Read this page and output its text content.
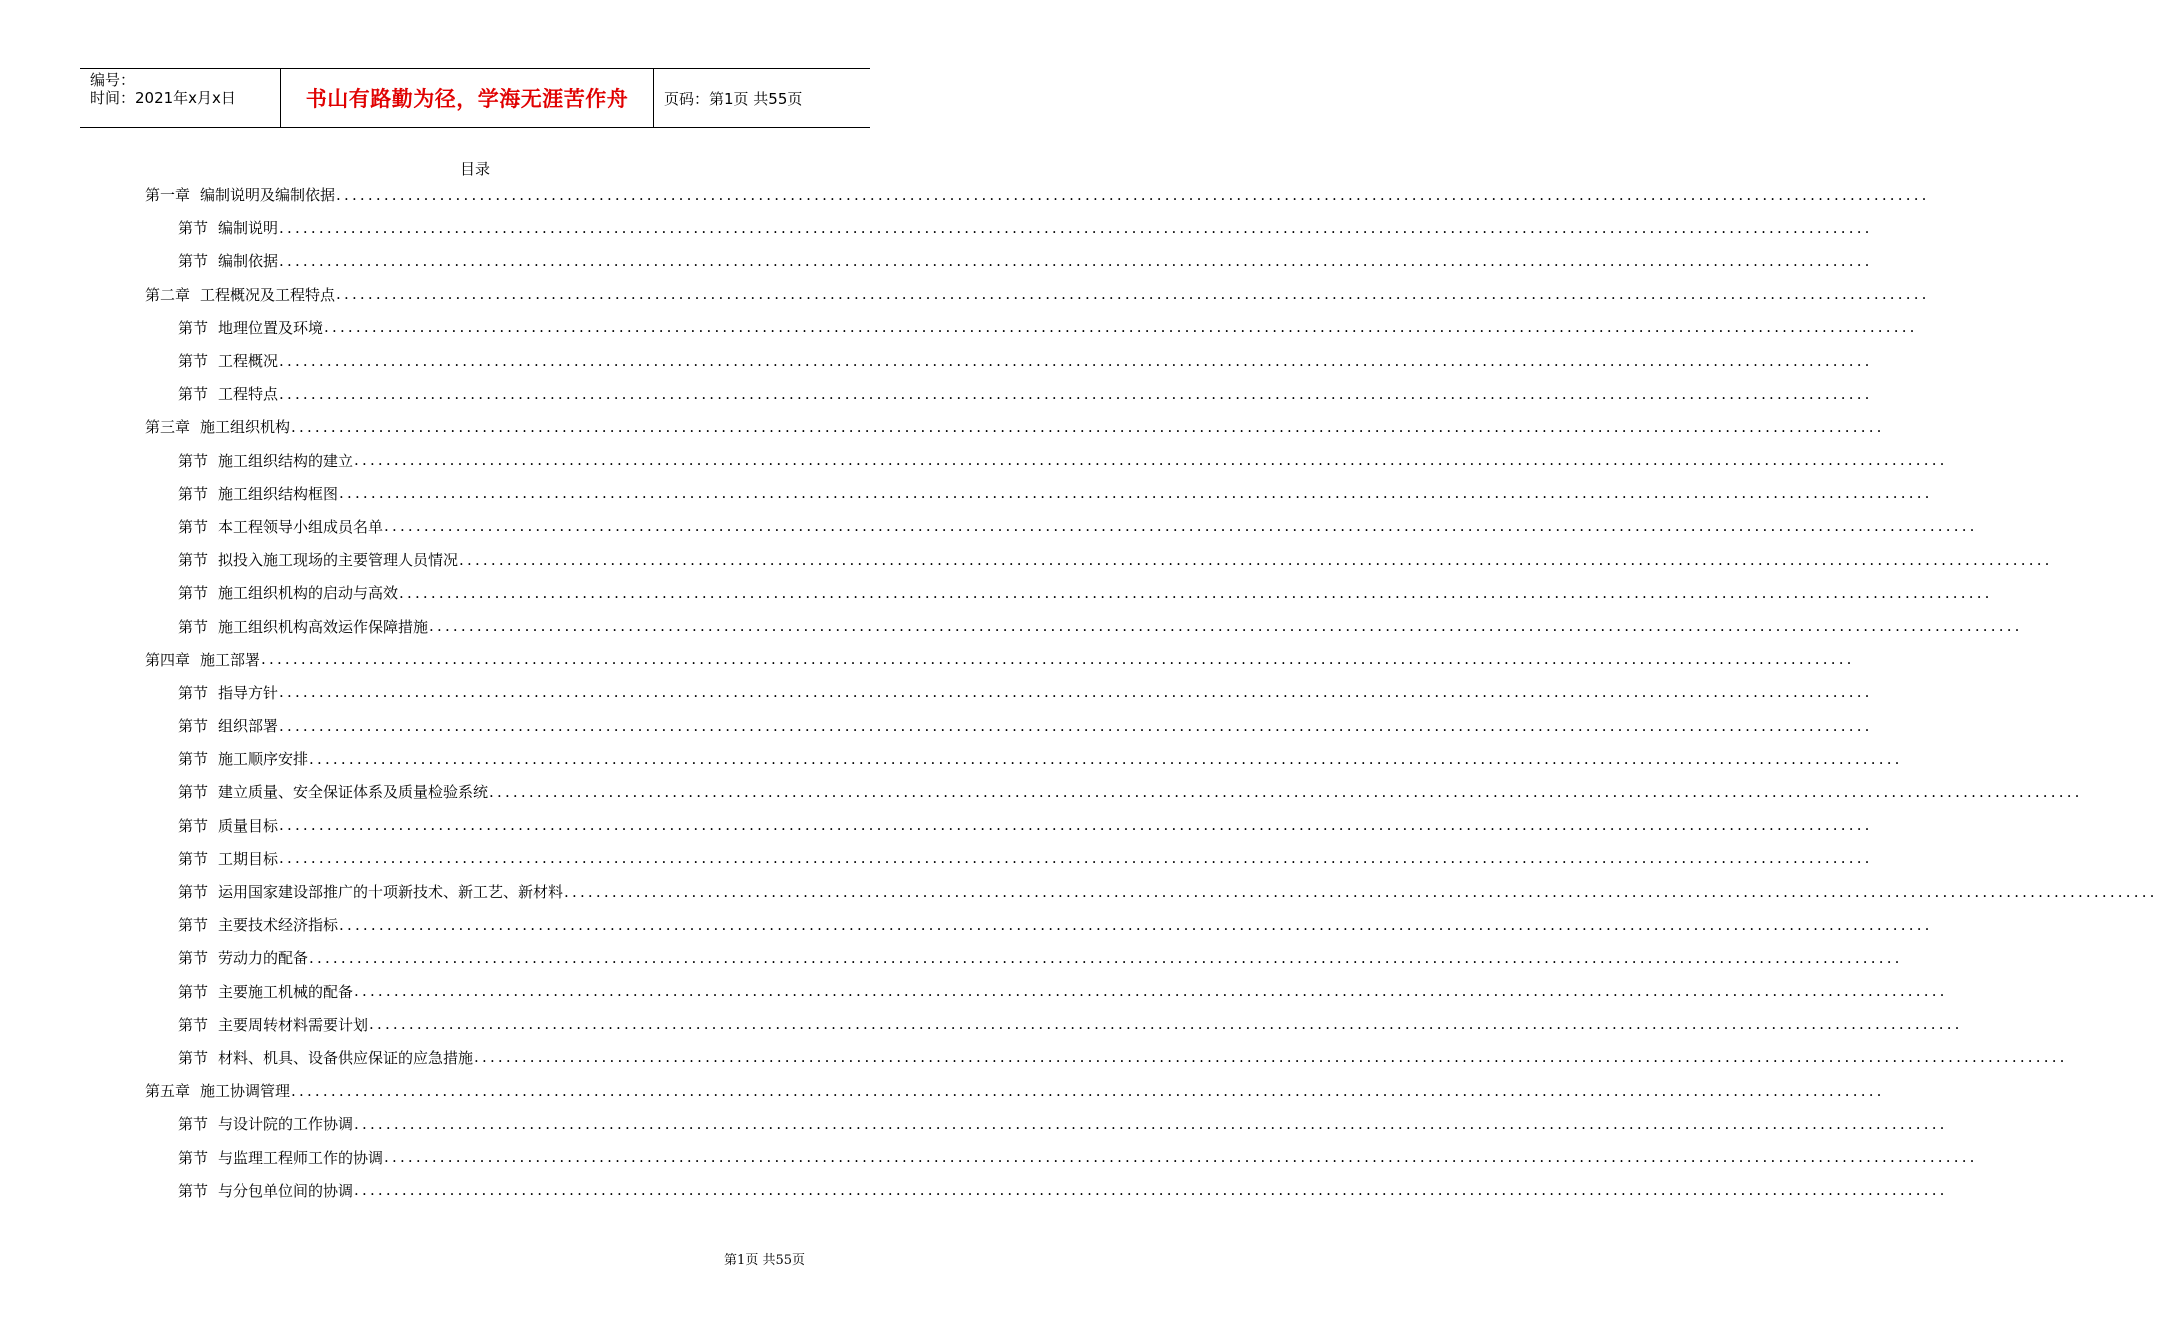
编号：
时间：2021年x月x日	书山有路勤为径，学海无涯苦作舟	页码：第1页 共55页
目录
第一章 编制说明及编制依据 ........................................................................................................................................................................................................
第节 编制说明 ........................................................................................................................................................................................................
第节 编制依据 ........................................................................................................................................................................................................
第二章 工程概况及工程特点 ........................................................................................................................................................................................................
第节 地理位置及环境 ........................................................................................................................................................................................................
第节 工程概况 ........................................................................................................................................................................................................
第节 工程特点 ........................................................................................................................................................................................................
第三章 施工组织机构 ........................................................................................................................................................................................................
第节 施工组织结构的建立 ........................................................................................................................................................................................................
第节 施工组织结构框图 ........................................................................................................................................................................................................
第节 本工程领导小组成员名单 ........................................................................................................................................................................................................
第节 拟投入施工现场的主要管理人员情况 ........................................................................................................................................................................................................
第节 施工组织机构的启动与高效 ........................................................................................................................................................................................................
第节 施工组织机构高效运作保障措施 ........................................................................................................................................................................................................
第四章 施工部署 ........................................................................................................................................................................................................
第节 指导方针 ........................................................................................................................................................................................................
第节 组织部署 ........................................................................................................................................................................................................
第节 施工顺序安排 ........................................................................................................................................................................................................
第节 建立质量、安全保证体系及质量检验系统 ........................................................................................................................................................................................................
第节 质量目标 ........................................................................................................................................................................................................
第节 工期目标 ........................................................................................................................................................................................................
第节 运用国家建设部推广的十项新技术、新工艺、新材料 ........................................................................................................................................................................................................
第节 主要技术经济指标 ........................................................................................................................................................................................................
第节 劳动力的配备 ........................................................................................................................................................................................................
第节 主要施工机械的配备 ........................................................................................................................................................................................................
第节 主要周转材料需要计划 ........................................................................................................................................................................................................
第节 材料、机具、设备供应保证的应急措施 ........................................................................................................................................................................................................
第五章 施工协调管理 ........................................................................................................................................................................................................
第节 与设计院的工作协调 ........................................................................................................................................................................................................
第节 与监理工程师工作的协调 ........................................................................................................................................................................................................
第节 与分包单位间的协调 ........................................................................................................................................................................................................
第1页 共55页
